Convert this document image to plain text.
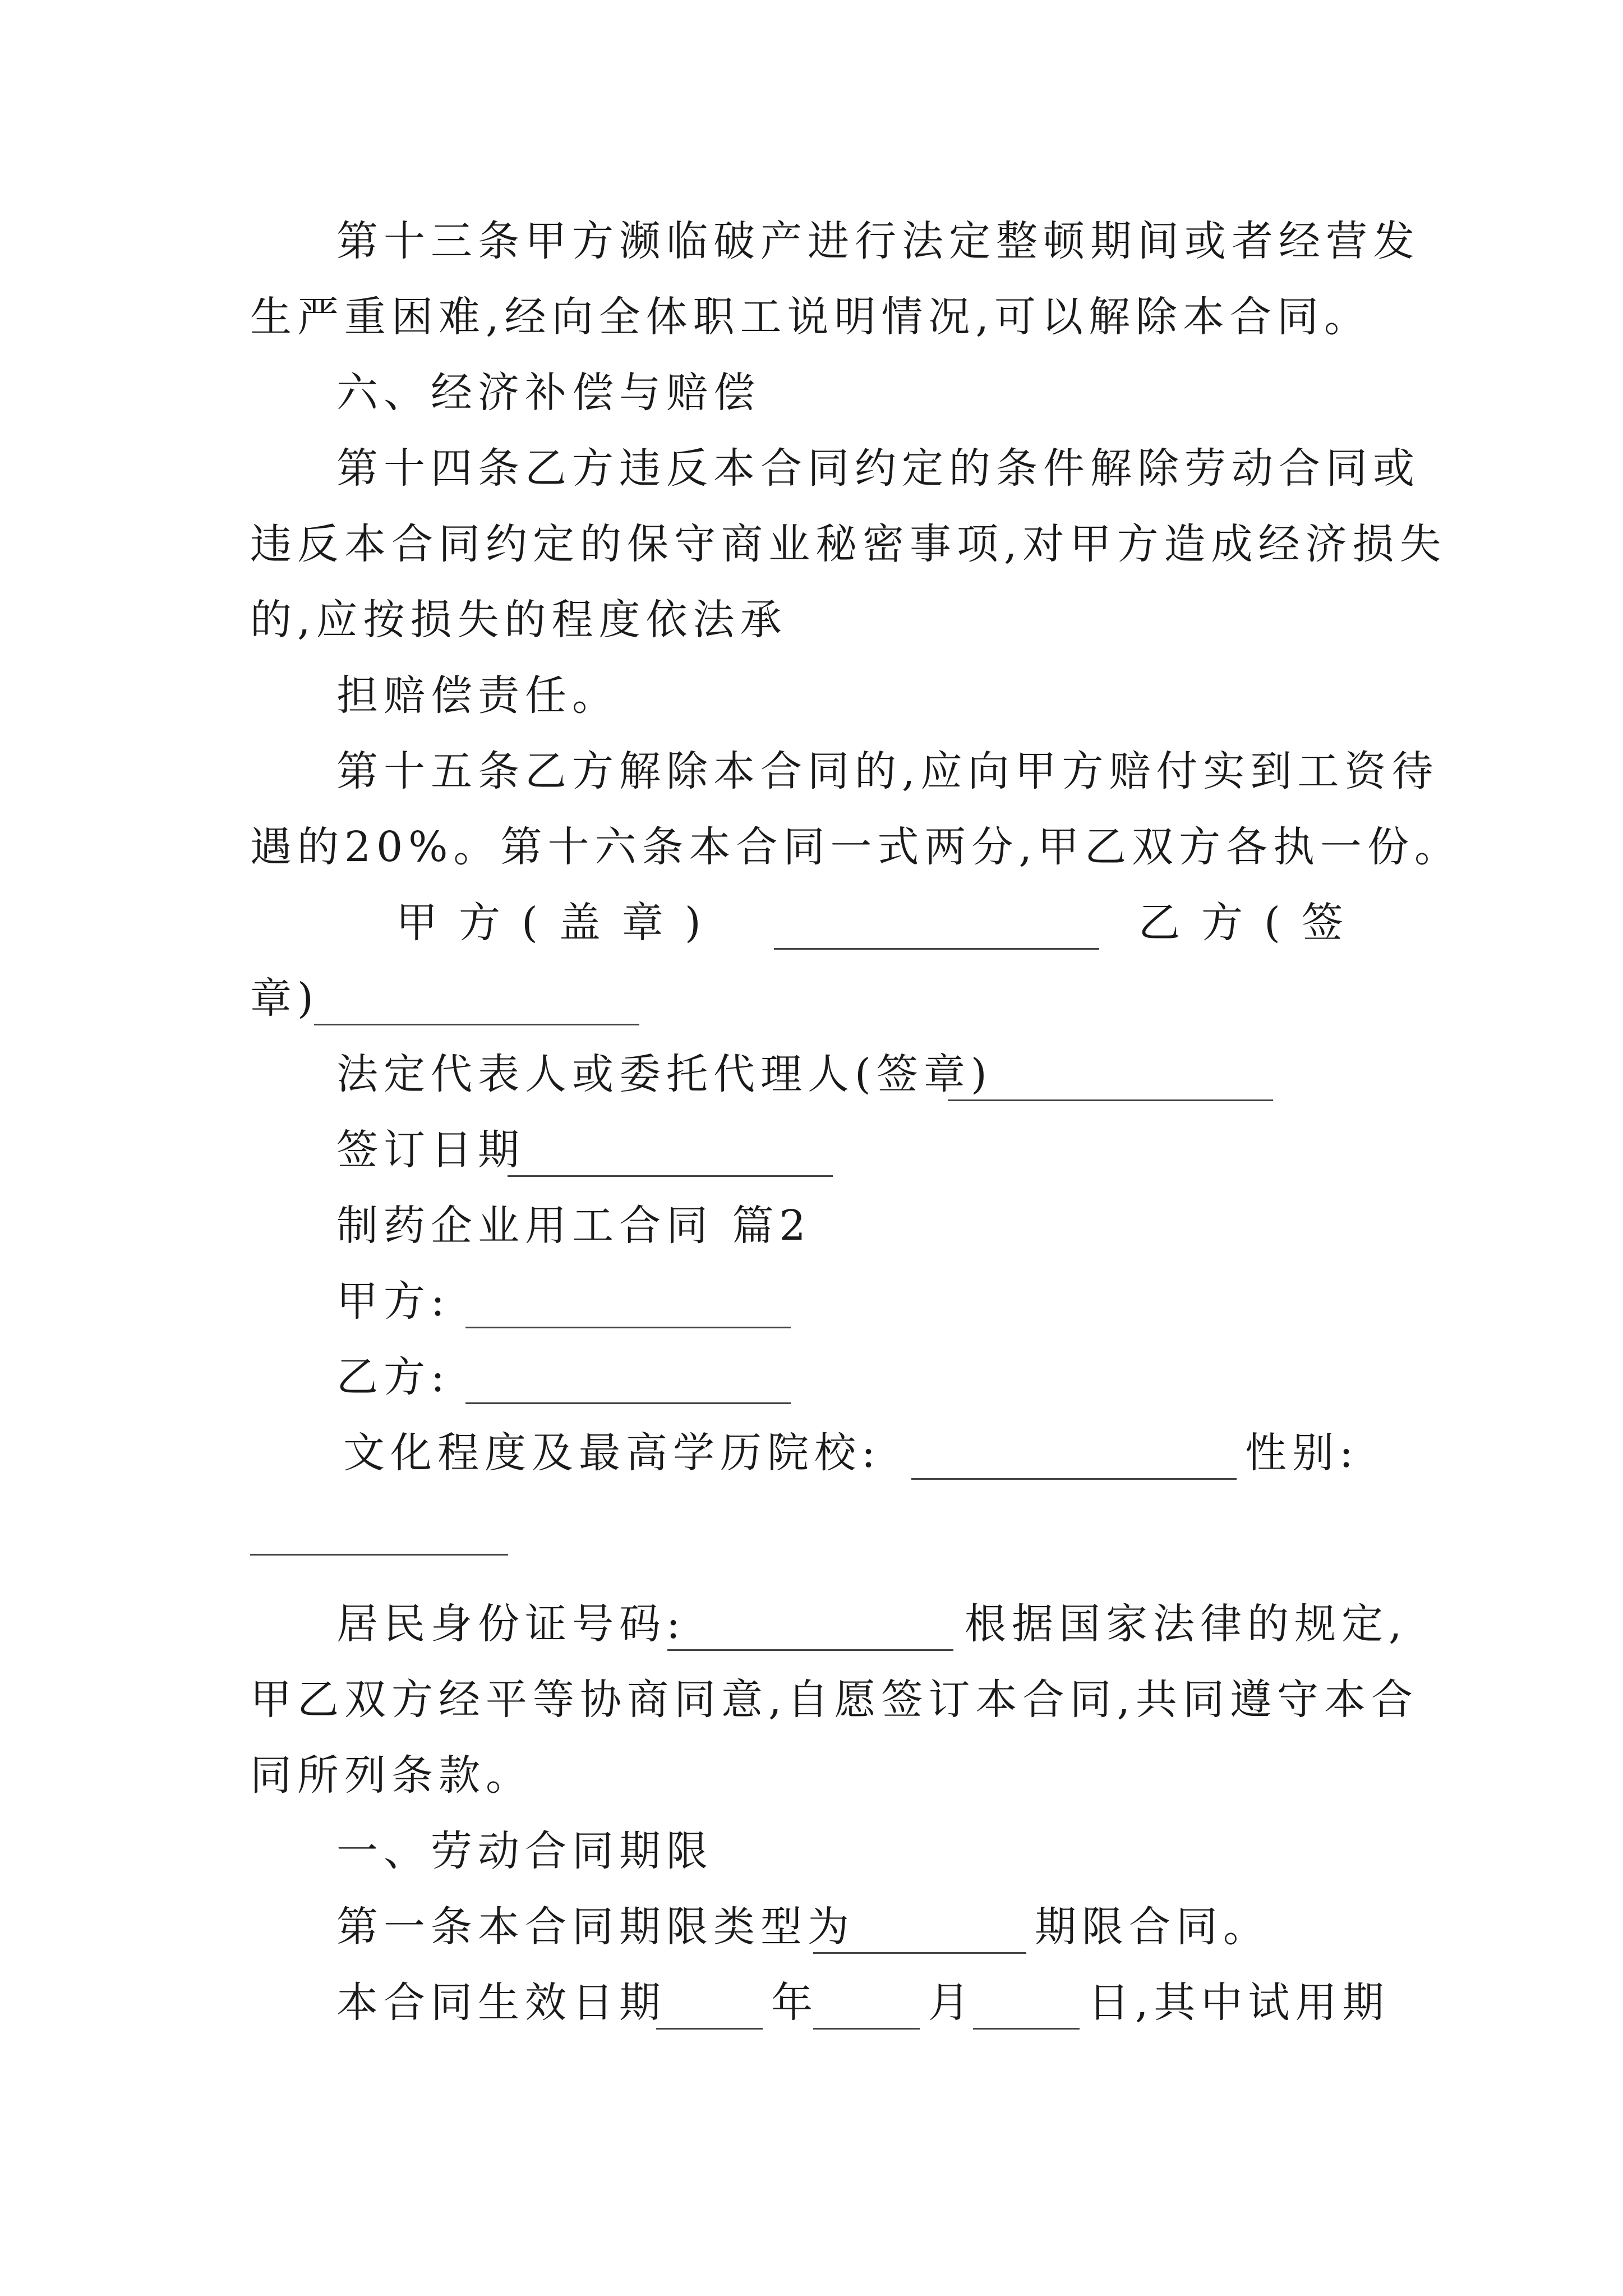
第十三条甲方濒临破产进行法定整顿期间或者经营发
生严重困难,经向全体职工说明情况,可以解除本合同。
六、经济补偿与赔偿
第十四条乙方违反本合同约定的条件解除劳动合同或
违反本合同约定的保守商业秘密事项,对甲方造成经济损失
的,应按损失的程度依法承
担赔偿责任。
第十五条乙方解除本合同的,应向甲方赔付实到工资待
遇的20%。第十六条本合同一式两分,甲乙双方各执一份。
甲方(盖章)	乙方(签
章)
法定代表人或委托代理人(签章)
签订日期
制药企业用工合同 篇2
甲方:
乙方:
文化程度及最高学历院校:	性别:
居民身份证号码:	根据国家法律的规定,
甲乙双方经平等协商同意,自愿签订本合同,共同遵守本合
同所列条款。
一、劳动合同期限
第一条本合同期限类型为	期限合同。
本合同生效日期	年	月	日,其中试用期
